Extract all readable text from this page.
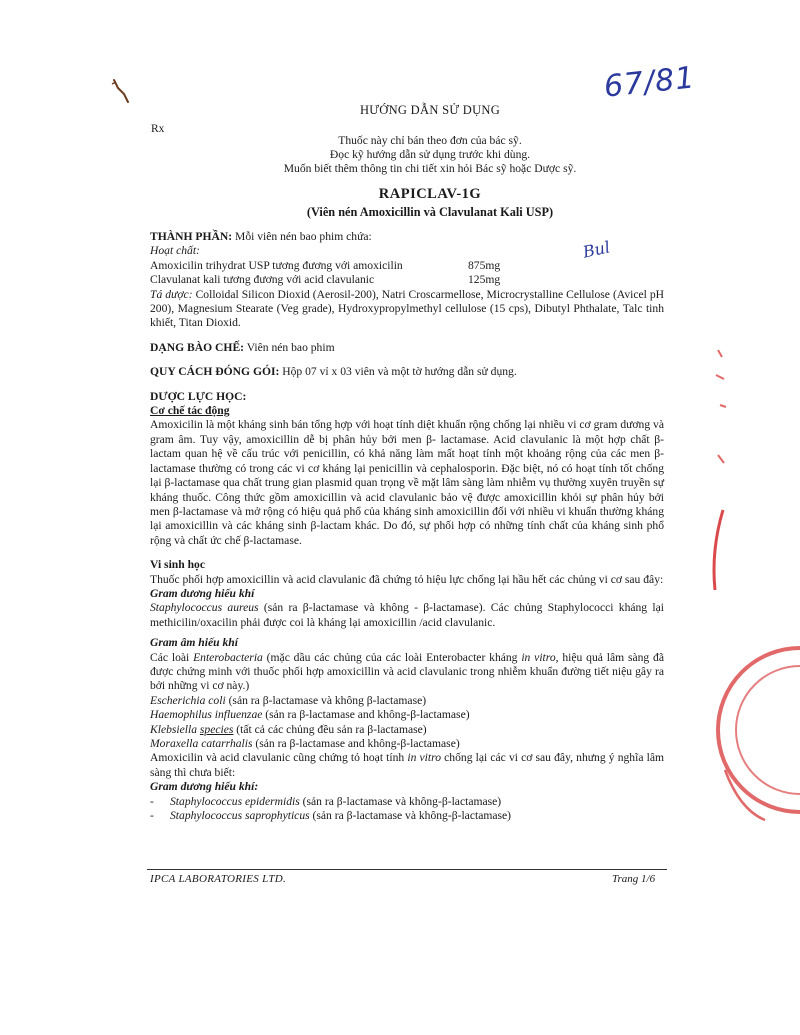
67/81
Bul
HƯỚNG DẪN SỬ DỤNG
Rx
Thuốc này chỉ bán theo đơn của bác sỹ.
Đọc kỹ hướng dẫn sử dụng trước khi dùng.
Muốn biết thêm thông tin chi tiết xin hỏi Bác sỹ hoặc Dược sỹ.
RAPICLAV-1G
(Viên nén Amoxicillin và Clavulanat Kali USP)

THÀNH PHẦN: Mỗi viên nén bao phim chứa:

Hoạt chất:

Amoxicilin trihydrat USP tương đương với amoxicilin	875mg
Clavulanat kali tương đương với acid clavulanic	125mg

Tá dược: Colloidal Silicon Dioxid (Aerosil-200), Natri Croscarmellose, Microcrystalline Cellulose (Avicel pH 200), Magnesium Stearate (Veg grade), Hydroxypropylmethyl cellulose (15 cps), Dibutyl Phthalate, Talc tinh khiết, Titan Dioxid.

DẠNG BÀO CHẾ: Viên nén bao phim

QUY CÁCH ĐÓNG GÓI: Hộp 07 vỉ x 03 viên và một tờ hướng dẫn sử dụng.

DƯỢC LỰC HỌC:

Cơ chế tác động

Amoxicilin là một kháng sinh bán tổng hợp với hoạt tính diệt khuẩn rộng chống lại nhiều vi cơ gram dương và gram âm. Tuy vậy, amoxicillin dễ bị phân hủy bởi men β- lactamase. Acid clavulanic là một hợp chất β- lactam quan hệ về cấu trúc với penicillin, có khả năng làm mất hoạt tính một khoảng rộng của các men β-lactamase thường có trong các vi cơ kháng lại penicillin và cephalosporin. Đặc biệt, nó có hoạt tính tốt chống lại β-lactamase qua chất trung gian plasmid quan trọng về mặt lâm sàng làm nhiễm vụ thường xuyên truyền sự kháng thuốc. Công thức gồm amoxicillin và acid clavulanic bảo vệ được amoxicillin khỏi sự phân hủy bởi men β-lactamase và mở rộng có hiệu quả phổ của kháng sinh amoxicillin đối với nhiều vi khuẩn thường kháng lại amoxicillin và các kháng sinh β-lactam khác. Do đó, sự phối hợp có những tính chất của kháng sinh phổ rộng và chất ức chế β-lactamase.

Vi sinh học

Thuốc phối hợp amoxicillin và acid clavulanic đã chứng tỏ hiệu lực chống lại hầu hết các chủng vi cơ sau đây:

Gram dương hiếu khí

Staphylococcus aureus (sản ra β-lactamase và không - β-lactamase). Các chủng Staphylococci kháng lại methicilin/oxacilin phải được coi là kháng lại amoxicillin /acid clavulanic.

Gram âm hiếu khí

Các loài Enterobacteria (mặc dầu các chủng của các loài Enterobacter kháng in vitro, hiệu quả lâm sàng đã được chứng minh với thuốc phối hợp amoxicillin và acid clavulanic trong nhiễm khuẩn đường tiết niệu gây ra bởi những vi cơ này.)

Escherichia coli (sản ra β-lactamase và không β-lactamase)

Haemophilus influenzae (sản ra β-lactamase and không-β-lactamase)

Klebsiella species (tất cả các chủng đều sản ra β-lactamase)

Moraxella catarrhalis (sản ra β-lactamase and không-β-lactamase)

Amoxicilin và acid clavulanic cũng chứng tỏ hoạt tính in vitro chống lại các vi cơ sau đây, nhưng ý nghĩa lâm sàng thì chưa biết:

Gram dương hiếu khí:

- Staphylococcus epidermidis (sản ra β-lactamase và không-β-lactamase)

- Staphylococcus saprophyticus (sản ra β-lactamase và không-β-lactamase)

IPCA LABORATORIES LTD.	Trang 1/6
